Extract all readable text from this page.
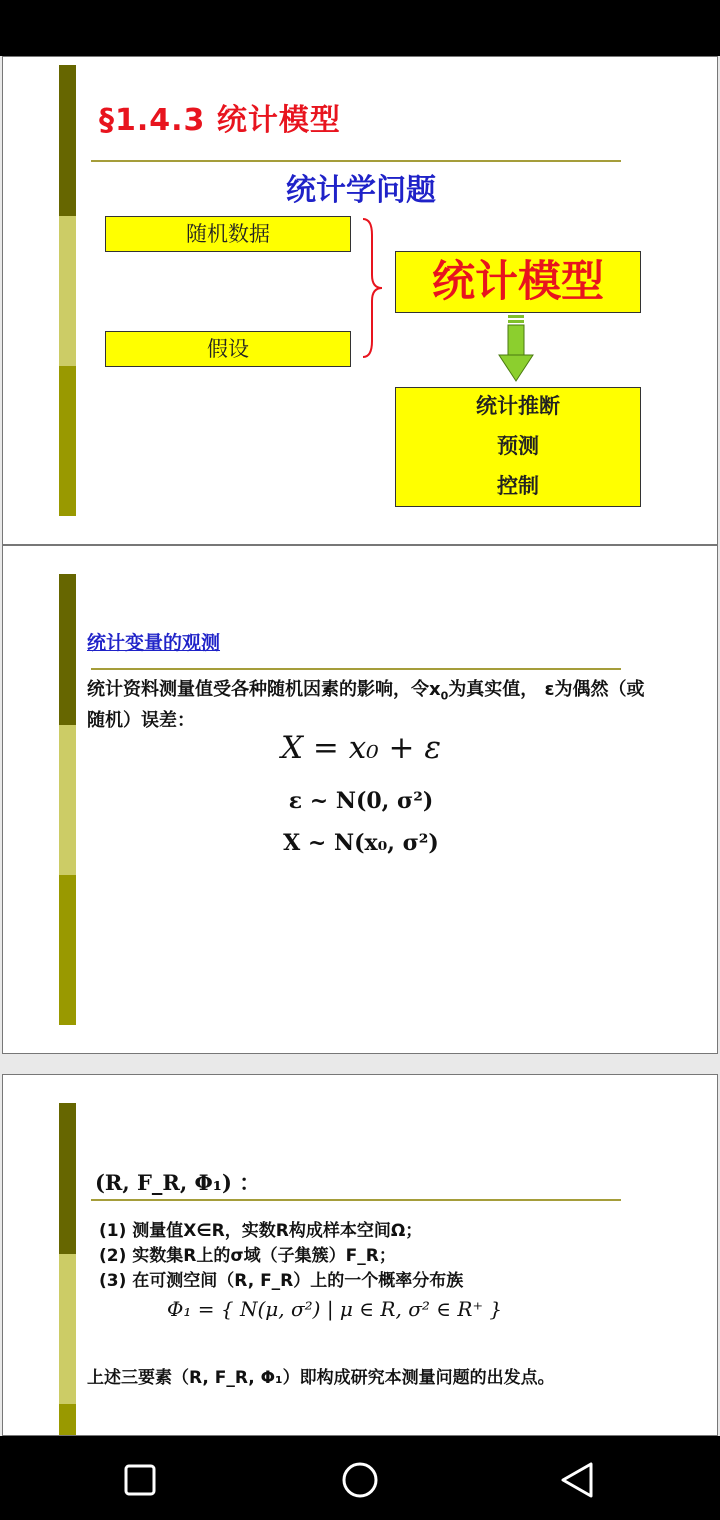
§1.4.3 统计模型
统计学问题
随机数据
假设
统计模型
统计推断
预测
控制
统计变量的观测
统计资料测量值受各种随机因素的影响，令$x_0$为真实值， ε为偶然（或随机）误差：
X = x₀ + ε
ε ~ N(0, σ²)
X ~ N(x₀, σ²)
(R, F_R, Φ₁) ：
(1) 测量值X∈R，实数R构成样本空间Ω；
(2) 实数集R上的σ域（子集簇）F_R；
(3) 在可测空间（R, F_R）上的一个概率分布族
Φ₁ = { N(μ, σ²) | μ ∈ R, σ² ∈ R⁺ }
上述三要素（R, F_R, Φ₁）即构成研究本测量问题的出发点。
